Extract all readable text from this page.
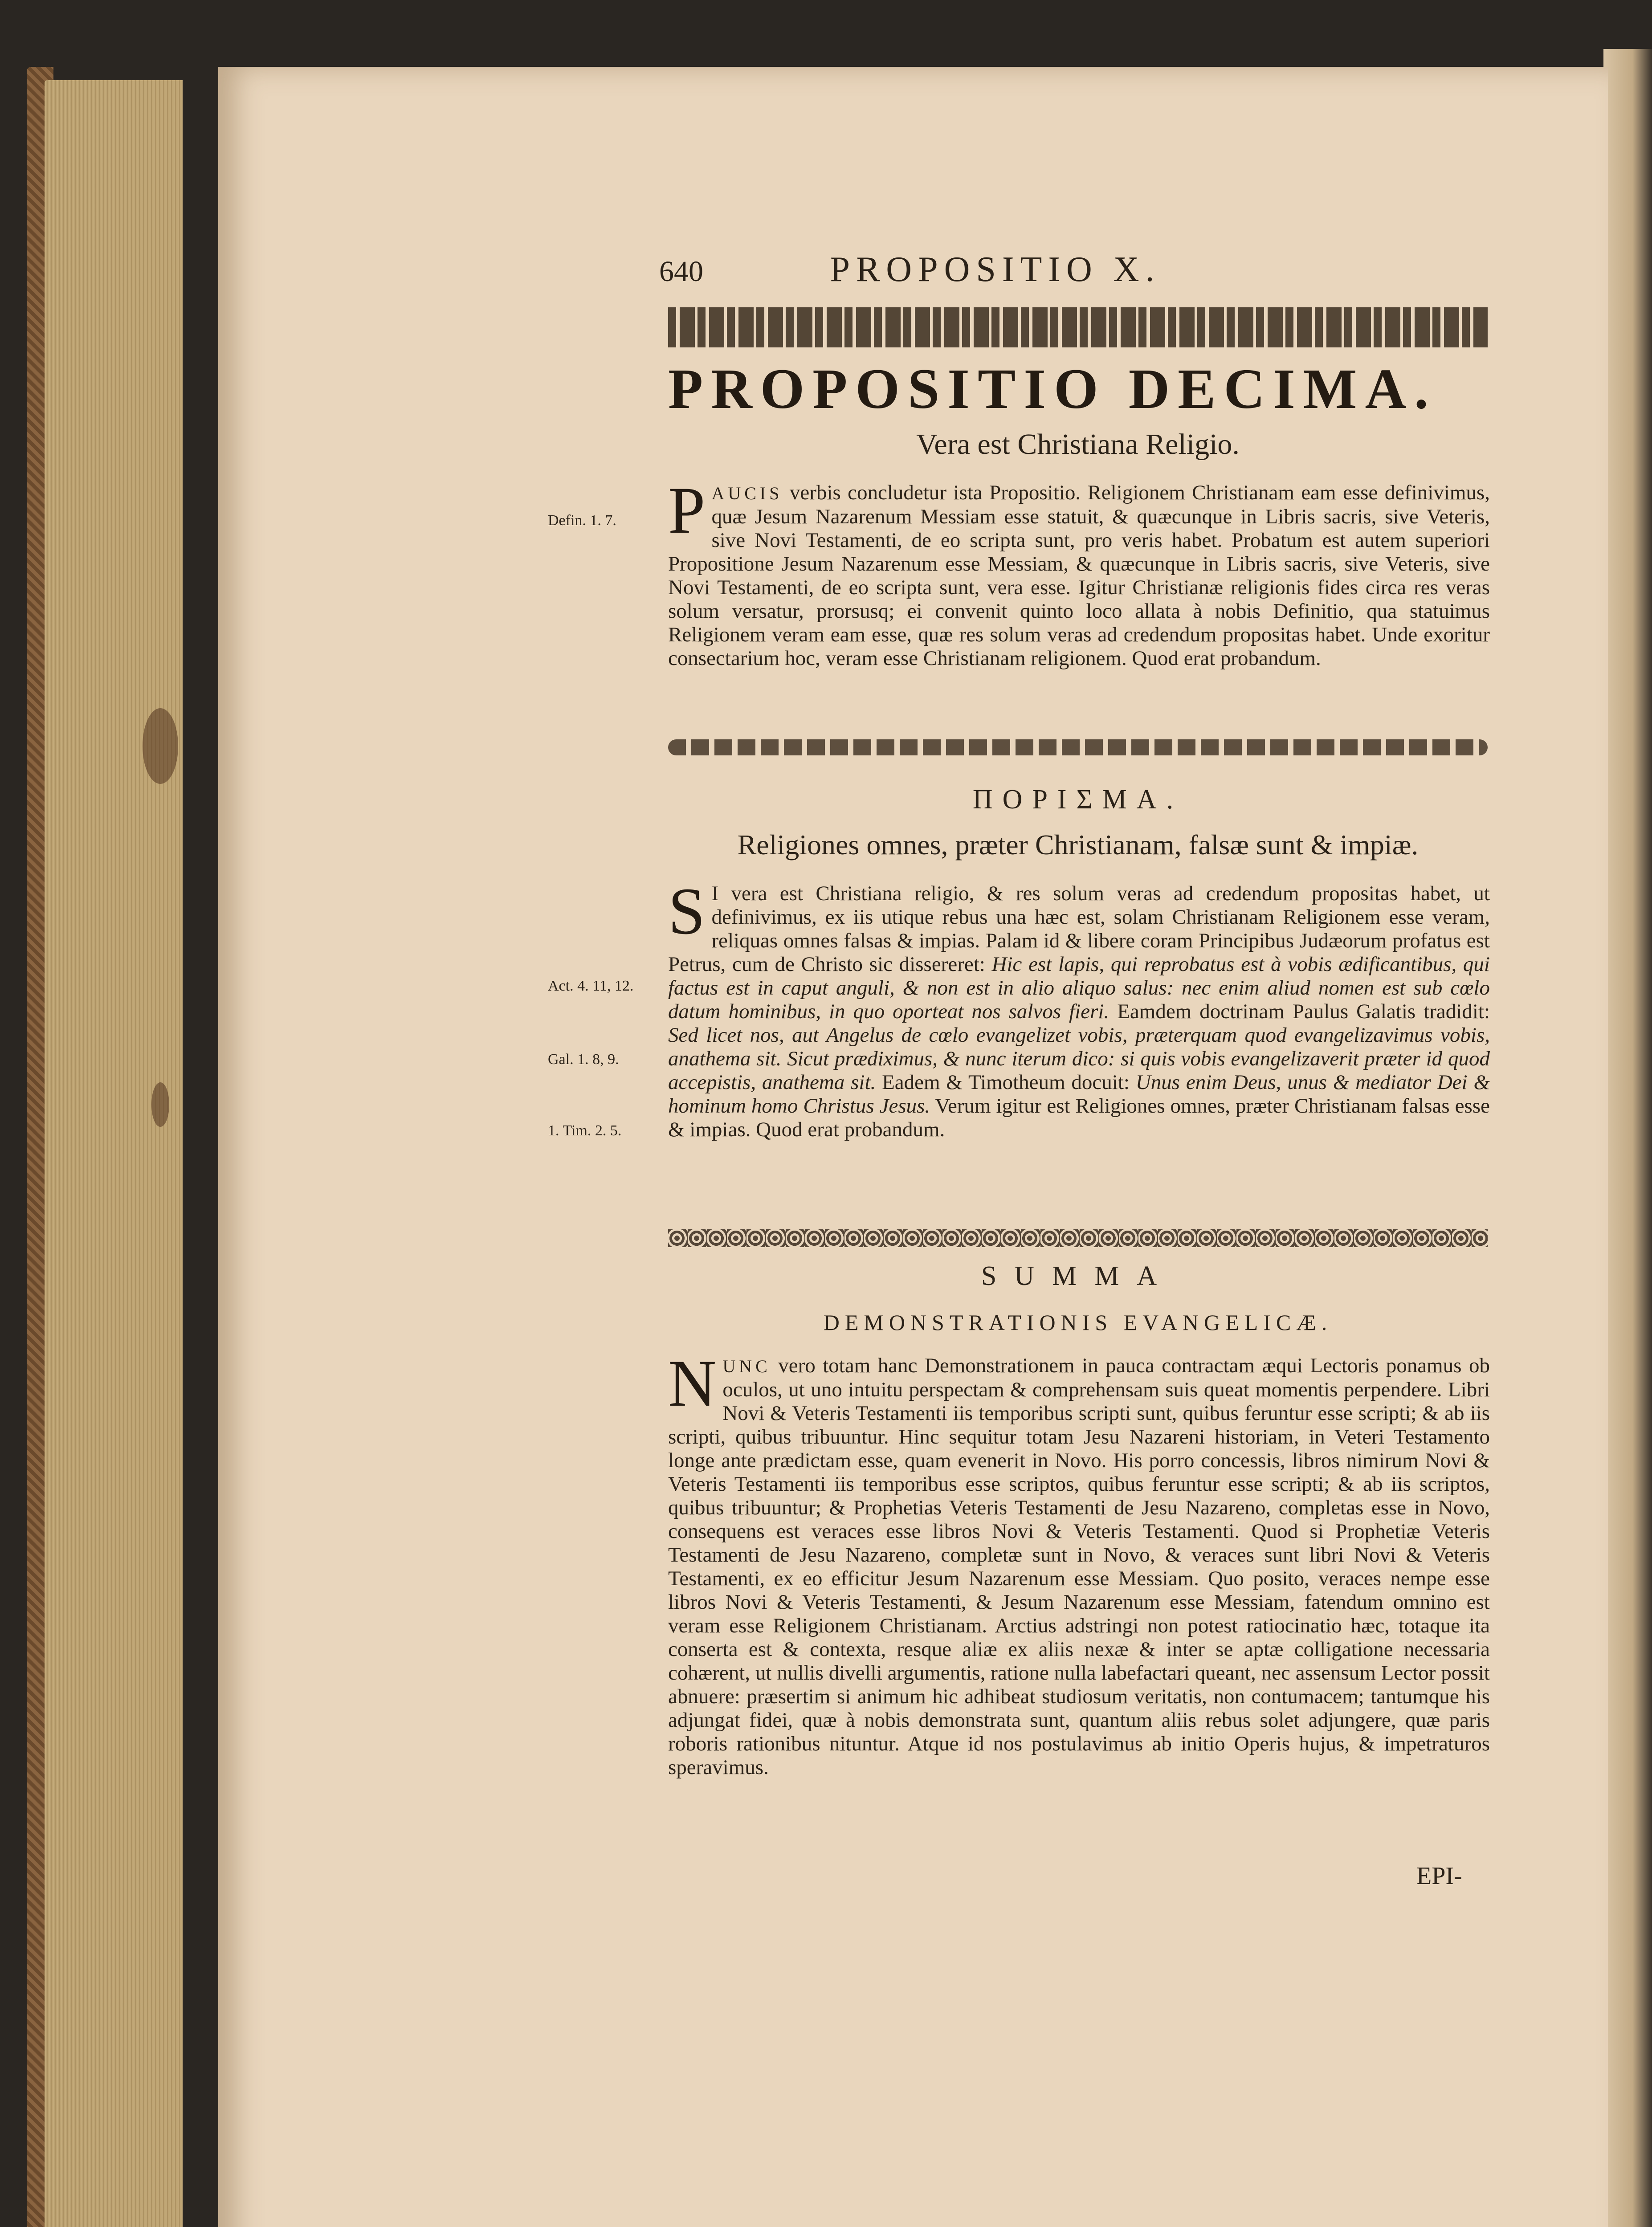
640	PROPOSITIO X.
PROPOSITIO DECIMA.
Vera est Christiana Religio.
Defin. 1. 7. PAUCIS verbis concludetur ista Propositio. Religionem Christianam eam esse definivimus, quæ Jesum Nazarenum Messiam esse statuit, & quæcunque in Libris sacris, sive Veteris, sive Novi Testamenti, de eo scripta sunt, pro veris habet. Probatum est autem superiori Propositione Jesum Nazarenum esse Messiam, & quæcunque in Libris sacris, sive Veteris, sive Novi Testamenti, de eo scripta sunt, vera esse. Igitur Christianæ religionis fides circa res veras solum versatur, prorsusq; ei convenit quinto loco allata à nobis Definitio, qua statuimus Religionem veram eam esse, quæ res solum veras ad credendum propositas habet. Unde exoritur consectarium hoc, veram esse Christianam religionem. Quod erat probandum.
ΠΟΡΙΣΜΑ.
Religiones omnes, præter Christianam, falsæ sunt & impiæ.
Act. 4. 11, 12.
Gal. 1. 8, 9.
1. Tim. 2. 5.
S I vera est Christiana religio, & res solum veras ad credendum propositas habet, ut definivimus, ex iis utique rebus una hæc est, solam Christianam Religionem esse veram, reliquas omnes falsas & impias. Palam id & libere coram Principibus Judæorum profatus est Petrus, cum de Christo sic dissereret: Hic est lapis, qui reprobatus est à vobis ædificantibus, qui factus est in caput anguli, & non est in alio aliquo salus: nec enim aliud nomen est sub cœlo datum hominibus, in quo oporteat nos salvos fieri. Eamdem doctrinam Paulus Galatis tradidit: Sed licet nos, aut Angelus de cœlo evangelizet vobis, præterquam quod evangelizavimus vobis, anathema sit. Sicut prædiximus, & nunc iterum dico: si quis vobis evangelizaverit præter id quod accepistis, anathema sit. Eadem & Timotheum docuit: Unus enim Deus, unus & mediator Dei & hominum homo Christus Jesus. Verum igitur est Religiones omnes, præter Christianam falsas esse & impias. Quod erat probandum.
SUMMA
DEMONSTRATIONIS EVANGELICÆ.
NUNC vero totam hanc Demonstrationem in pauca contractam æqui Lectoris ponamus ob oculos, ut uno intuitu perspectam & comprehensam suis queat momentis perpendere. Libri Novi & Veteris Testamenti iis temporibus scripti sunt, quibus feruntur esse scripti; & ab iis scripti, quibus tribuuntur. Hinc sequitur totam Jesu Nazareni historiam, in Veteri Testamento longe ante prædictam esse, quam evenerit in Novo. His porro concessis, libros nimirum Novi & Veteris Testamenti iis temporibus esse scriptos, quibus feruntur esse scripti; & ab iis scriptos, quibus tribuuntur; & Prophetias Veteris Testamenti de Jesu Nazareno, completas esse in Novo, consequens est veraces esse libros Novi & Veteris Testamenti. Quod si Prophetiæ Veteris Testamenti de Jesu Nazareno, completæ sunt in Novo, & veraces sunt libri Novi & Veteris Testamenti, ex eo efficitur Jesum Nazarenum esse Messiam. Quo posito, veraces nempe esse libros Novi & Veteris Testamenti, & Jesum Nazarenum esse Messiam, fatendum omnino est veram esse Religionem Christianam. Arctius adstringi non potest ratiocinatio hæc, totaque ita conserta est & contexta, resque aliæ ex aliis nexæ & inter se aptæ colligatione necessaria cohærent, ut nullis divelli argumentis, ratione nulla labefactari queant, nec assensum Lector possit abnuere: præsertim si animum hic adhibeat studiosum veritatis, non contumacem; tantumque his adjungat fidei, quæ à nobis demonstrata sunt, quantum aliis rebus solet adjungere, quæ paris roboris rationibus nituntur. Atque id nos postulavimus ab initio Operis hujus, & impetraturos speravimus.
EPI-
